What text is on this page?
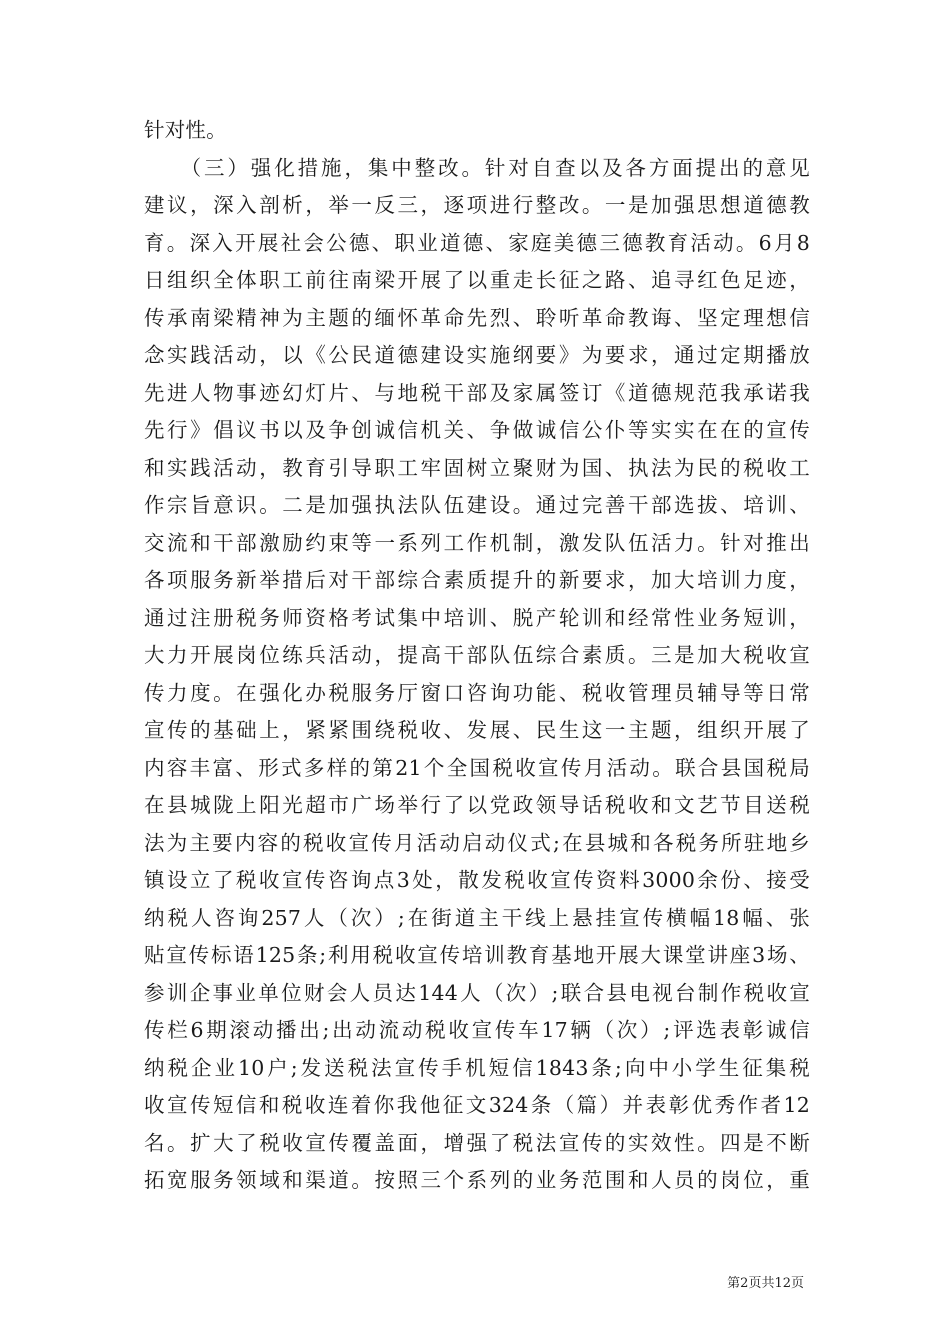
针对性。
　　（三）强化措施，集中整改。针对自查以及各方面提出的意见
建议，深入剖析，举一反三，逐项进行整改。一是加强思想道德教
育。深入开展社会公德、职业道德、家庭美德三德教育活动。6月8
日组织全体职工前往南梁开展了以重走长征之路、追寻红色足迹，
传承南梁精神为主题的缅怀革命先烈、聆听革命教诲、坚定理想信
念实践活动，以《公民道德建设实施纲要》为要求，通过定期播放
先进人物事迹幻灯片、与地税干部及家属签订《道德规范我承诺我
先行》倡议书以及争创诚信机关、争做诚信公仆等实实在在的宣传
和实践活动，教育引导职工牢固树立聚财为国、执法为民的税收工
作宗旨意识。二是加强执法队伍建设。通过完善干部选拔、培训、
交流和干部激励约束等一系列工作机制，激发队伍活力。针对推出
各项服务新举措后对干部综合素质提升的新要求，加大培训力度，
通过注册税务师资格考试集中培训、脱产轮训和经常性业务短训，
大力开展岗位练兵活动，提高干部队伍综合素质。三是加大税收宣
传力度。在强化办税服务厅窗口咨询功能、税收管理员辅导等日常
宣传的基础上，紧紧围绕税收、发展、民生这一主题，组织开展了
内容丰富、形式多样的第21个全国税收宣传月活动。联合县国税局
在县城陇上阳光超市广场举行了以党政领导话税收和文艺节目送税
法为主要内容的税收宣传月活动启动仪式;在县城和各税务所驻地乡
镇设立了税收宣传咨询点3处，散发税收宣传资料3000余份、接受
纳税人咨询257人（次）;在街道主干线上悬挂宣传横幅18幅、张
贴宣传标语125条;利用税收宣传培训教育基地开展大课堂讲座3场、
参训企事业单位财会人员达144人（次）;联合县电视台制作税收宣
传栏6期滚动播出;出动流动税收宣传车17辆（次）;评选表彰诚信
纳税企业10户;发送税法宣传手机短信1843条;向中小学生征集税
收宣传短信和税收连着你我他征文324条（篇）并表彰优秀作者12
名。扩大了税收宣传覆盖面，增强了税法宣传的实效性。四是不断
拓宽服务领域和渠道。按照三个系列的业务范围和人员的岗位，重
第2页共12页
